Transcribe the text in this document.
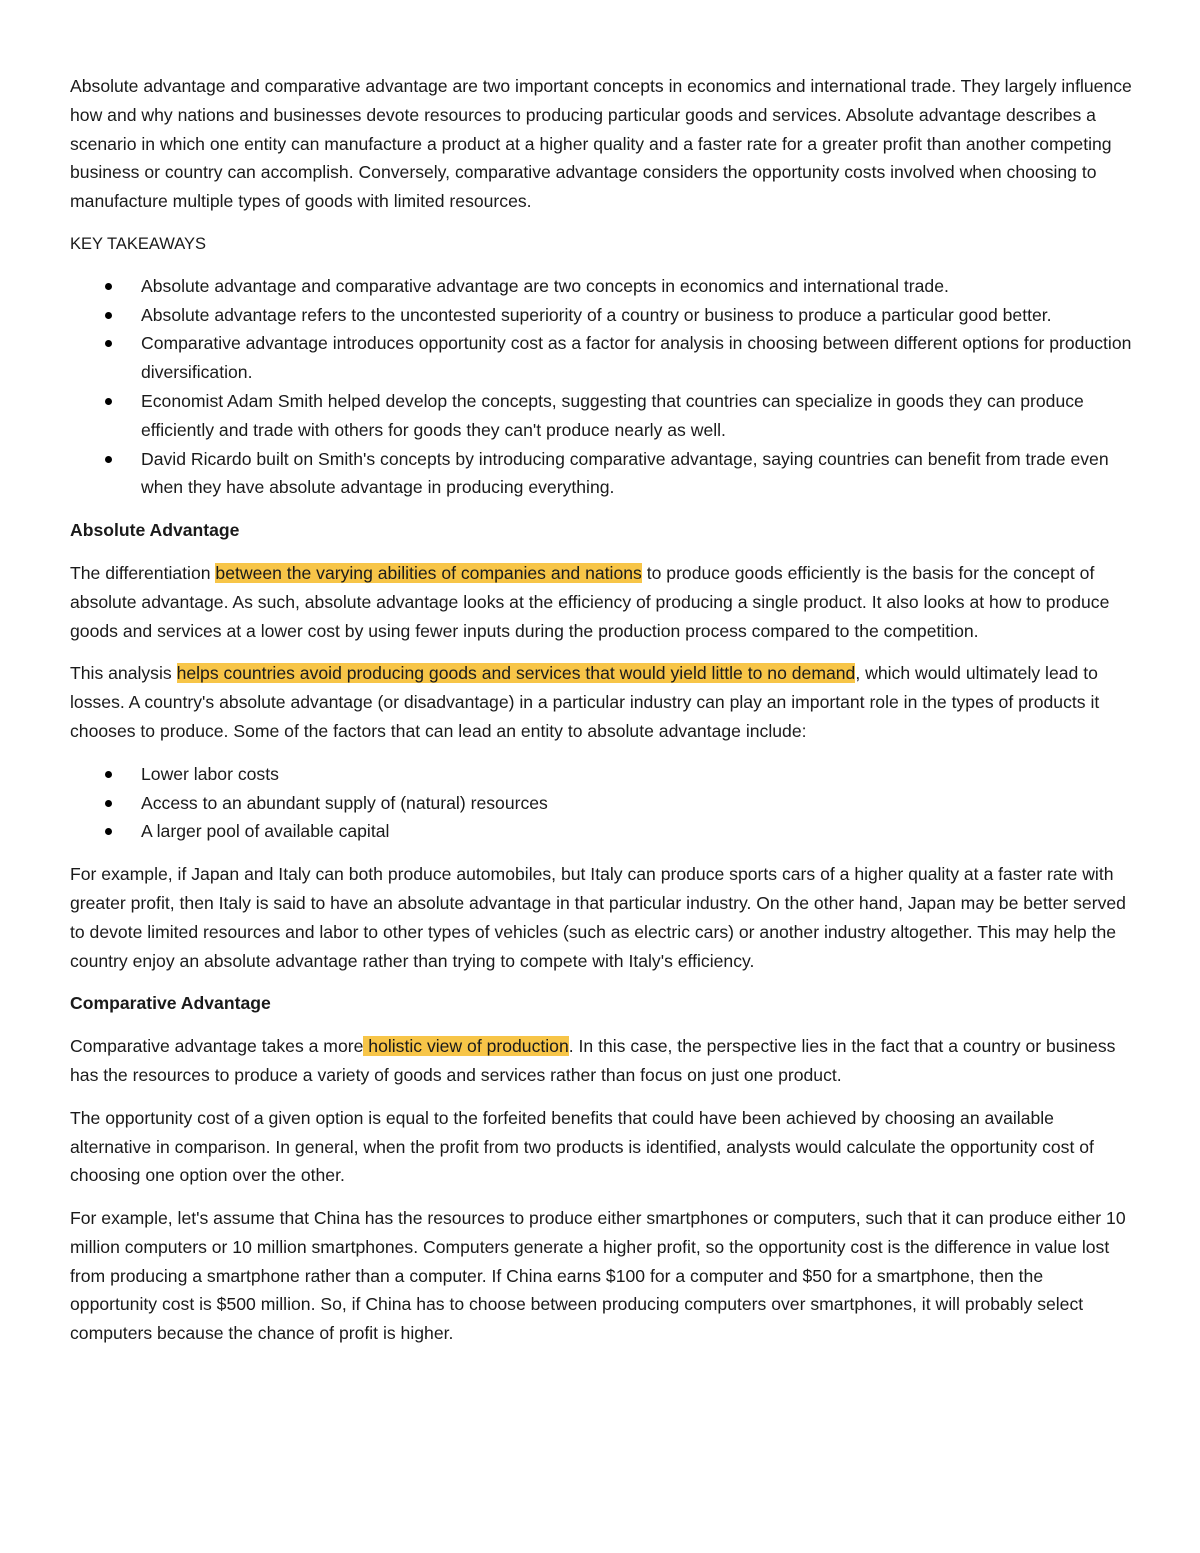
Absolute advantage and comparative advantage are two important concepts in economics and international trade. They largely influence how and why nations and businesses devote resources to producing particular goods and services. Absolute advantage describes a scenario in which one entity can manufacture a product at a higher quality and a faster rate for a greater profit than another competing business or country can accomplish. Conversely, comparative advantage considers the opportunity costs involved when choosing to manufacture multiple types of goods with limited resources.

KEY TAKEAWAYS

Absolute advantage and comparative advantage are two concepts in economics and international trade.
Absolute advantage refers to the uncontested superiority of a country or business to produce a particular good better.
Comparative advantage introduces opportunity cost as a factor for analysis in choosing between different options for production diversification.
Economist Adam Smith helped develop the concepts, suggesting that countries can specialize in goods they can produce efficiently and trade with others for goods they can't produce nearly as well.
David Ricardo built on Smith's concepts by introducing comparative advantage, saying countries can benefit from trade even when they have absolute advantage in producing everything.
Absolute Advantage

The differentiation between the varying abilities of companies and nations to produce goods efficiently is the basis for the concept of absolute advantage. As such, absolute advantage looks at the efficiency of producing a single product. It also looks at how to produce goods and services at a lower cost by using fewer inputs during the production process compared to the competition.

This analysis helps countries avoid producing goods and services that would yield little to no demand, which would ultimately lead to losses. A country's absolute advantage (or disadvantage) in a particular industry can play an important role in the types of products it chooses to produce. Some of the factors that can lead an entity to absolute advantage include:

Lower labor costs
Access to an abundant supply of (natural) resources
A larger pool of available capital

For example, if Japan and Italy can both produce automobiles, but Italy can produce sports cars of a higher quality at a faster rate with greater profit, then Italy is said to have an absolute advantage in that particular industry. On the other hand, Japan may be better served to devote limited resources and labor to other types of vehicles (such as electric cars) or another industry altogether. This may help the country enjoy an absolute advantage rather than trying to compete with Italy's efficiency.

Comparative Advantage

Comparative advantage takes a more holistic view of production. In this case, the perspective lies in the fact that a country or business has the resources to produce a variety of goods and services rather than focus on just one product.

The opportunity cost of a given option is equal to the forfeited benefits that could have been achieved by choosing an available alternative in comparison. In general, when the profit from two products is identified, analysts would calculate the opportunity cost of choosing one option over the other.

For example, let's assume that China has the resources to produce either smartphones or computers, such that it can produce either 10 million computers or 10 million smartphones. Computers generate a higher profit, so the opportunity cost is the difference in value lost from producing a smartphone rather than a computer. If China earns $100 for a computer and $50 for a smartphone, then the opportunity cost is $500 million. So, if China has to choose between producing computers over smartphones, it will probably select computers because the chance of profit is higher.
